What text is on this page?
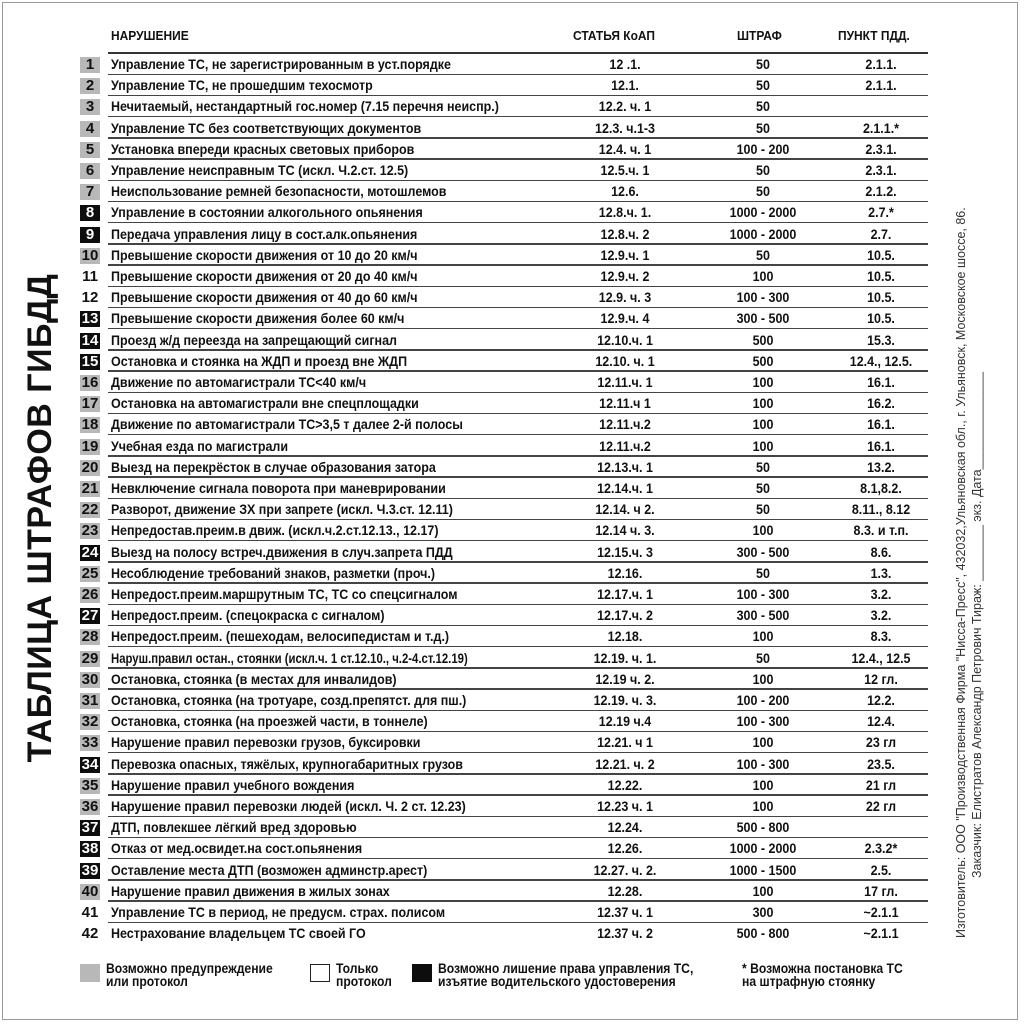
ТАБЛИЦА ШТРАФОВ ГИБДД	Изготовитель: ООО "Производственная Фирма "Нисса-Пресс", 432032,Ульяновская обл., г. Ульяновск, Московское шоссе, 86. Заказчик: Елистратов Александр Петрович Тираж: ________ экз. Дата______________
НАРУШЕНИЕ	СТАТЬЯ КоАП	ШТРАФ	ПУНКТ ПДД.
1	Управление ТС, не зарегистрированным в уст.порядке	12 .1.	50	2.1.1.
2	Управление ТС, не прошедшим техосмотр	12.1.	50	2.1.1.
3	Нечитаемый, нестандартный гос.номер (7.15 перечня неиспр.)	12.2. ч. 1	50
4	Управление ТС без соответствующих документов	12.3. ч.1-3	50	2.1.1.*
5	Установка впереди красных световых приборов	12.4. ч. 1	100 - 200	2.3.1.
6	Управление неисправным ТС (искл. Ч.2.ст. 12.5)	12.5.ч. 1	50	2.3.1.
7	Неиспользование ремней безопасности, мотошлемов	12.6.	50	2.1.2.
8	Управление в состоянии алкогольного опьянения	12.8.ч. 1.	1000 - 2000	2.7.*
9	Передача управления лицу в сост.алк.опьянения	12.8.ч. 2	1000 - 2000	2.7.
10 Превышение скорости движения от 10 до 20 км/ч	12.9.ч. 1	50	10.5.
11 Превышение скорости движения от 20 до 40 км/ч	12.9.ч. 2	100	10.5.
12 Превышение скорости движения от 40 до 60 км/ч	12.9. ч. 3	100 - 300	10.5.
13 Превышение скорости движения более 60 км/ч	12.9.ч. 4	300 - 500	10.5.
14 Проезд ж/д переезда на запрещающий сигнал	12.10.ч. 1	500	15.3.
15 Остановка и стоянка на ЖДП и проезд вне ЖДП	12.10. ч. 1	500	12.4., 12.5.
16 Движение по автомагистрали ТС<40 км/ч	12.11.ч. 1	100	16.1.
17 Остановка на автомагистрали вне спецплощадки	12.11.ч 1	100	16.2.
18 Движение по автомагистрали ТС>3,5 т далее 2-й полосы	12.11.ч.2	100	16.1.
19 Учебная езда по магистрали	12.11.ч.2	100	16.1.
20 Выезд на перекрёсток в случае образования затора	12.13.ч. 1	50	13.2.
21 Невключение сигнала поворота при маневрировании	12.14.ч. 1	50	8.1,8.2.
22 Разворот, движение ЗХ при запрете (искл. Ч.3.ст. 12.11)	12.14. ч 2.	50	8.11., 8.12
23 Непредостав.преим.в движ. (искл.ч.2.ст.12.13., 12.17)	12.14 ч. 3.	100	8.3. и т.п.
24 Выезд на полосу встреч.движения в случ.запрета ПДД	12.15.ч. 3	300 - 500	8.6.
25 Несоблюдение требований знаков, разметки (проч.)	12.16.	50	1.3.
26 Непредост.преим.маршрутным ТС, ТС со спецсигналом	12.17.ч. 1	100 - 300	3.2.
27 Непредост.преим. (спецокраска с сигналом)	12.17.ч. 2	300 - 500	3.2.
28 Непредост.преим. (пешеходам, велосипедистам и т.д.)	12.18.	100	8.3.
29 Наруш.правил остан., стоянки (искл.ч. 1 ст.12.10., ч.2-4.ст.12.19)	12.19. ч. 1.	50	12.4., 12.5
30 Остановка, стоянка (в местах для инвалидов)	12.19 ч. 2.	100	12 гл.
31 Остановка, стоянка (на тротуаре, созд.препятст. для пш.)	12.19. ч. 3.	100 - 200	12.2.
32 Остановка, стоянка (на проезжей части, в тоннеле)	12.19 ч.4	100 - 300	12.4.
33 Нарушение правил перевозки грузов, буксировки	12.21. ч 1	100	23 гл
34 Перевозка опасных, тяжёлых, крупногабаритных грузов	12.21. ч. 2	100 - 300	23.5.
35 Нарушение правил учебного вождения	12.22.	100	21 гл
36 Нарушение правил перевозки людей (искл. Ч. 2 ст. 12.23)	12.23 ч. 1	100	22 гл
37 ДТП, повлекшее лёгкий вред здоровью	12.24.	500 - 800
38 Отказ от мед.освидет.на сост.опьянения	12.26.	1000 - 2000	2.3.2*
39 Оставление места ДТП (возможен админстр.арест)	12.27. ч. 2.	1000 - 1500	2.5.
40 Нарушение правил движения в жилых зонах	12.28.	100	17 гл.
41 Управление ТС в период, не предусм. страх. полисом	12.37 ч. 1	300	~2.1.1
42 Нестрахование владельцем ТС своей ГО	12.37 ч. 2	500 - 800	~2.1.1
Возможно предупреждение
или протокол
Только
протокол
Возможно лишение права управления ТС,
изъятие водительского удостоверения
* Возможна постановка ТС
на штрафную стоянку
